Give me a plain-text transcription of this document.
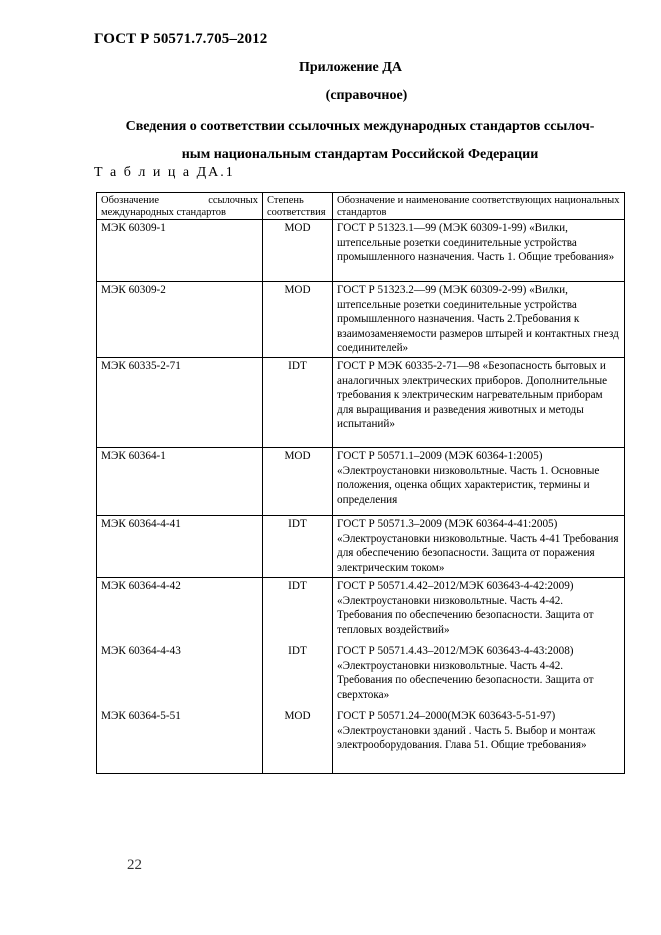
ГОСТ Р 50571.7.705–2012
Приложение ДА
(справочное)
Сведения о соответствии ссылочных международных стандартов ссылоч-
ным национальным стандартам Российской Федерации
Т а б л и ц а ДА.1
Обозначение ссылочных международных стандартов	Степень соответствия	Обозначение и наименование соответствующих национальных стандартов
МЭК 60309-1	MOD	ГОСТ Р 51323.1—99 (МЭК 60309-1-99) «Вилки, штепсельные розетки соединительные устройства промышленного назначения. Часть 1. Общие требования»
МЭК 60309-2	MOD	ГОСТ Р 51323.2—99 (МЭК 60309-2-99) «Вилки, штепсельные розетки соединительные устройства промышленного назначения. Часть 2.Требования к взаимозаменяемости размеров штырей и контактных гнезд соединителей»
МЭК 60335-2-71	IDT	ГОСТ Р МЭК 60335-2-71—98 «Безопасность бытовых и аналогичных электрических приборов. Дополнительные требования к электрическим нагревательным приборам для выращивания и разведения животных и методы испытаний»
МЭК 60364-1	MOD	ГОСТ Р 50571.1–2009 (МЭК 60364-1:2005) «Электроустановки низковольтные. Часть 1. Основные положения, оценка общих характеристик, термины и определения
МЭК 60364-4-41	IDT	ГОСТ Р 50571.3–2009 (МЭК 60364-4-41:2005) «Электроустановки низковольтные. Часть 4-41 Требования для обеспечению безопасности. Защита от поражения электрическим током»
МЭК 60364-4-42	IDT	ГОСТ Р 50571.4.42–2012/МЭК 603643-4-42:2009) «Электроустановки низковольтные. Часть 4-42. Требования по обеспечению безопасности. Защита от тепловых воздействий»
МЭК 60364-4-43	IDT	ГОСТ Р 50571.4.43–2012/МЭК 603643-4-43:2008) «Электроустановки низковольтные. Часть 4-42. Требования по обеспечению безопасности. Защита от сверхтока»
МЭК 60364-5-51	MOD	ГОСТ Р 50571.24–2000(МЭК 603643-5-51-97) «Электроустановки зданий . Часть 5. Выбор и монтаж электрооборудования. Глава 51. Общие требования»
22
